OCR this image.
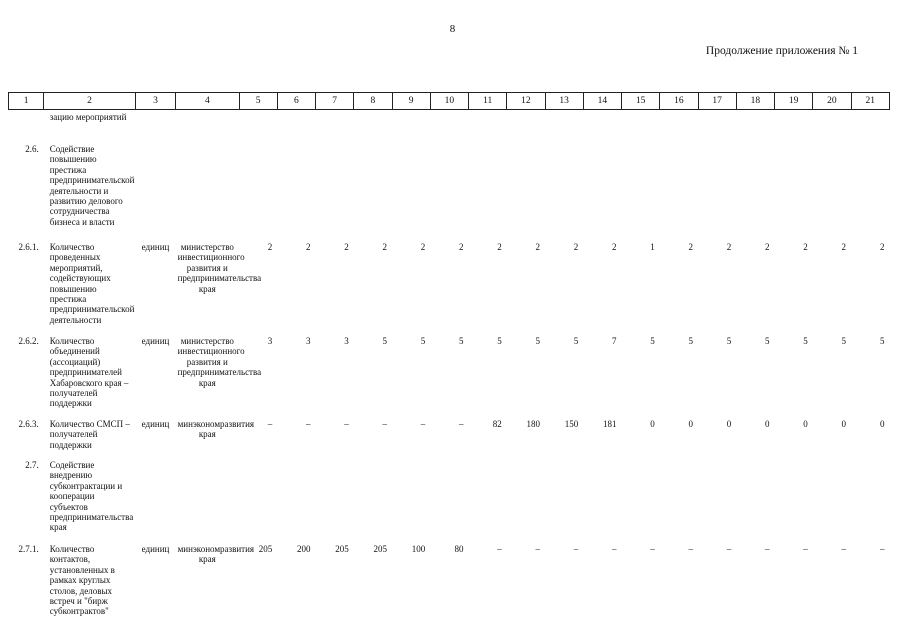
8
Продолжение приложения № 1
1	2	3	4	5	6	7	8	9	10	11	12	13	14	15	16	17	18	19	20	21
	зацию мероприятий																			
2.6.	Содействие повышению престижа предпринимательской деятельности и развитию делового сотрудничества бизнеса и власти																			
2.6.1.	Количество проведенных мероприятий, содействующих повышению престижа предпринимательской деятельности	единиц	министерство инвестиционного развития и предпринимательства края	2	2	2	2	2	2	2	2	2	2	1	2	2	2	2	2	2
2.6.2.	Количество объединений (ассоциаций) предпринимателей Хабаровского края – получателей поддержки	единиц	министерство инвестиционного развития и предпринимательства края	3	3	3	5	5	5	5	5	5	7	5	5	5	5	5	5	5
2.6.3.	Количество СМСП – получателей поддержки	единиц	минэкономразвития края	–	–	–	–	–	–	82	180	150	181	0	0	0	0	0	0	0
2.7.	Содействие внедрению субконтрактации и кооперации субъектов предпринимательства края																			
2.7.1.	Количество контактов, установленных в рамках круглых столов, деловых встреч и "бирж субконтрактов"	единиц	минэкономразвития края	205	200	205	205	100	80	–	–	–	–	–	–	–	–	–	–	–
